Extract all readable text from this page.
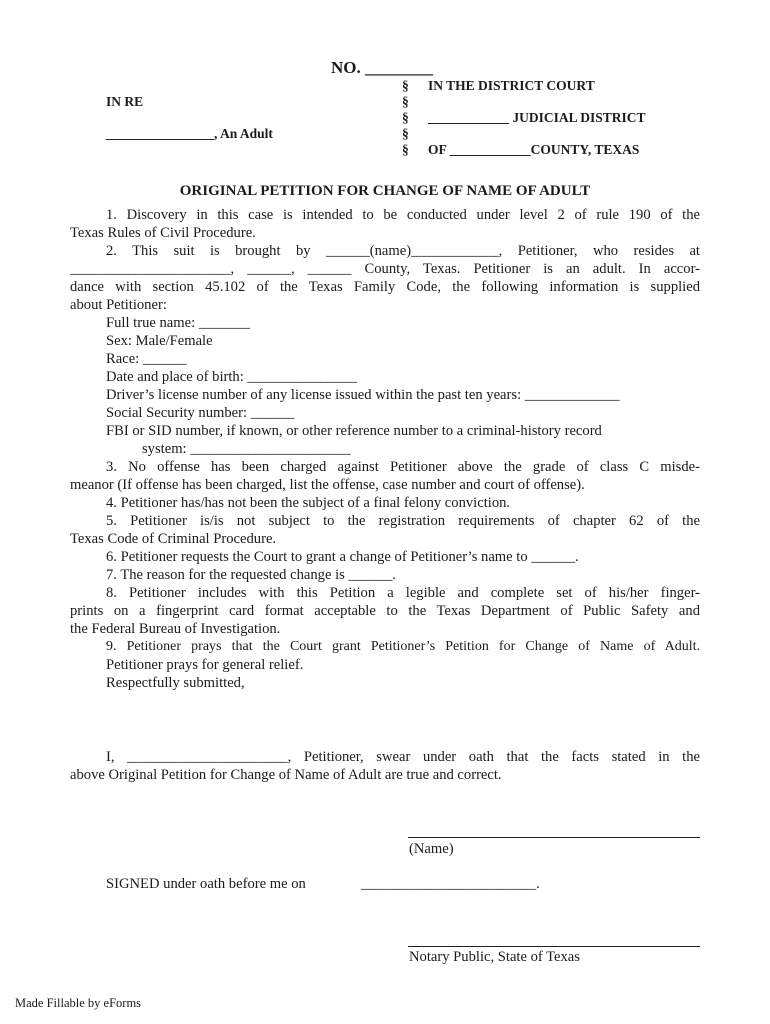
NO. ________
IN RE
________________, An Adult
§
§
§
§
§
IN THE DISTRICT COURT
____________ JUDICIAL DISTRICT
OF ____________COUNTY, TEXAS
ORIGINAL PETITION FOR CHANGE OF NAME OF ADULT
1. Discovery in this case is intended to be conducted under level 2 of rule 190 of the
Texas Rules of Civil Procedure.
2. This suit is brought by ______(name)____________, Petitioner, who resides at
______________________, ______, ______ County, Texas. Petitioner is an adult. In accor-
dance with section 45.102 of the Texas Family Code, the following information is supplied
about Petitioner:
Full true name: _______
Sex: Male/Female
Race: ______
Date and place of birth: _______________
Driver’s license number of any license issued within the past ten years: _____________
Social Security number: ______
FBI or SID number, if known, or other reference number to a criminal-history record
system: ______________________
3. No offense has been charged against Petitioner above the grade of class C misde-
meanor (If offense has been charged, list the offense, case number and court of offense).
4. Petitioner has/has not been the subject of a final felony conviction.
5. Petitioner is/is not subject to the registration requirements of chapter 62 of the
Texas Code of Criminal Procedure.
6. Petitioner requests the Court to grant a change of Petitioner’s name to ______.
7. The reason for the requested change is ______.
8. Petitioner includes with this Petition a legible and complete set of his/her finger-
prints on a fingerprint card format acceptable to the Texas Department of Public Safety and
the Federal Bureau of Investigation.
9. Petitioner prays that the Court grant Petitioner’s Petition for Change of Name of Adult.
Petitioner prays for general relief.
Respectfully submitted,
I, ______________________, Petitioner, swear under oath that the facts stated in the
above Original Petition for Change of Name of Adult are true and correct.
(Name)
SIGNED under oath before me on	________________________.
Notary Public, State of Texas
Made Fillable by eForms
